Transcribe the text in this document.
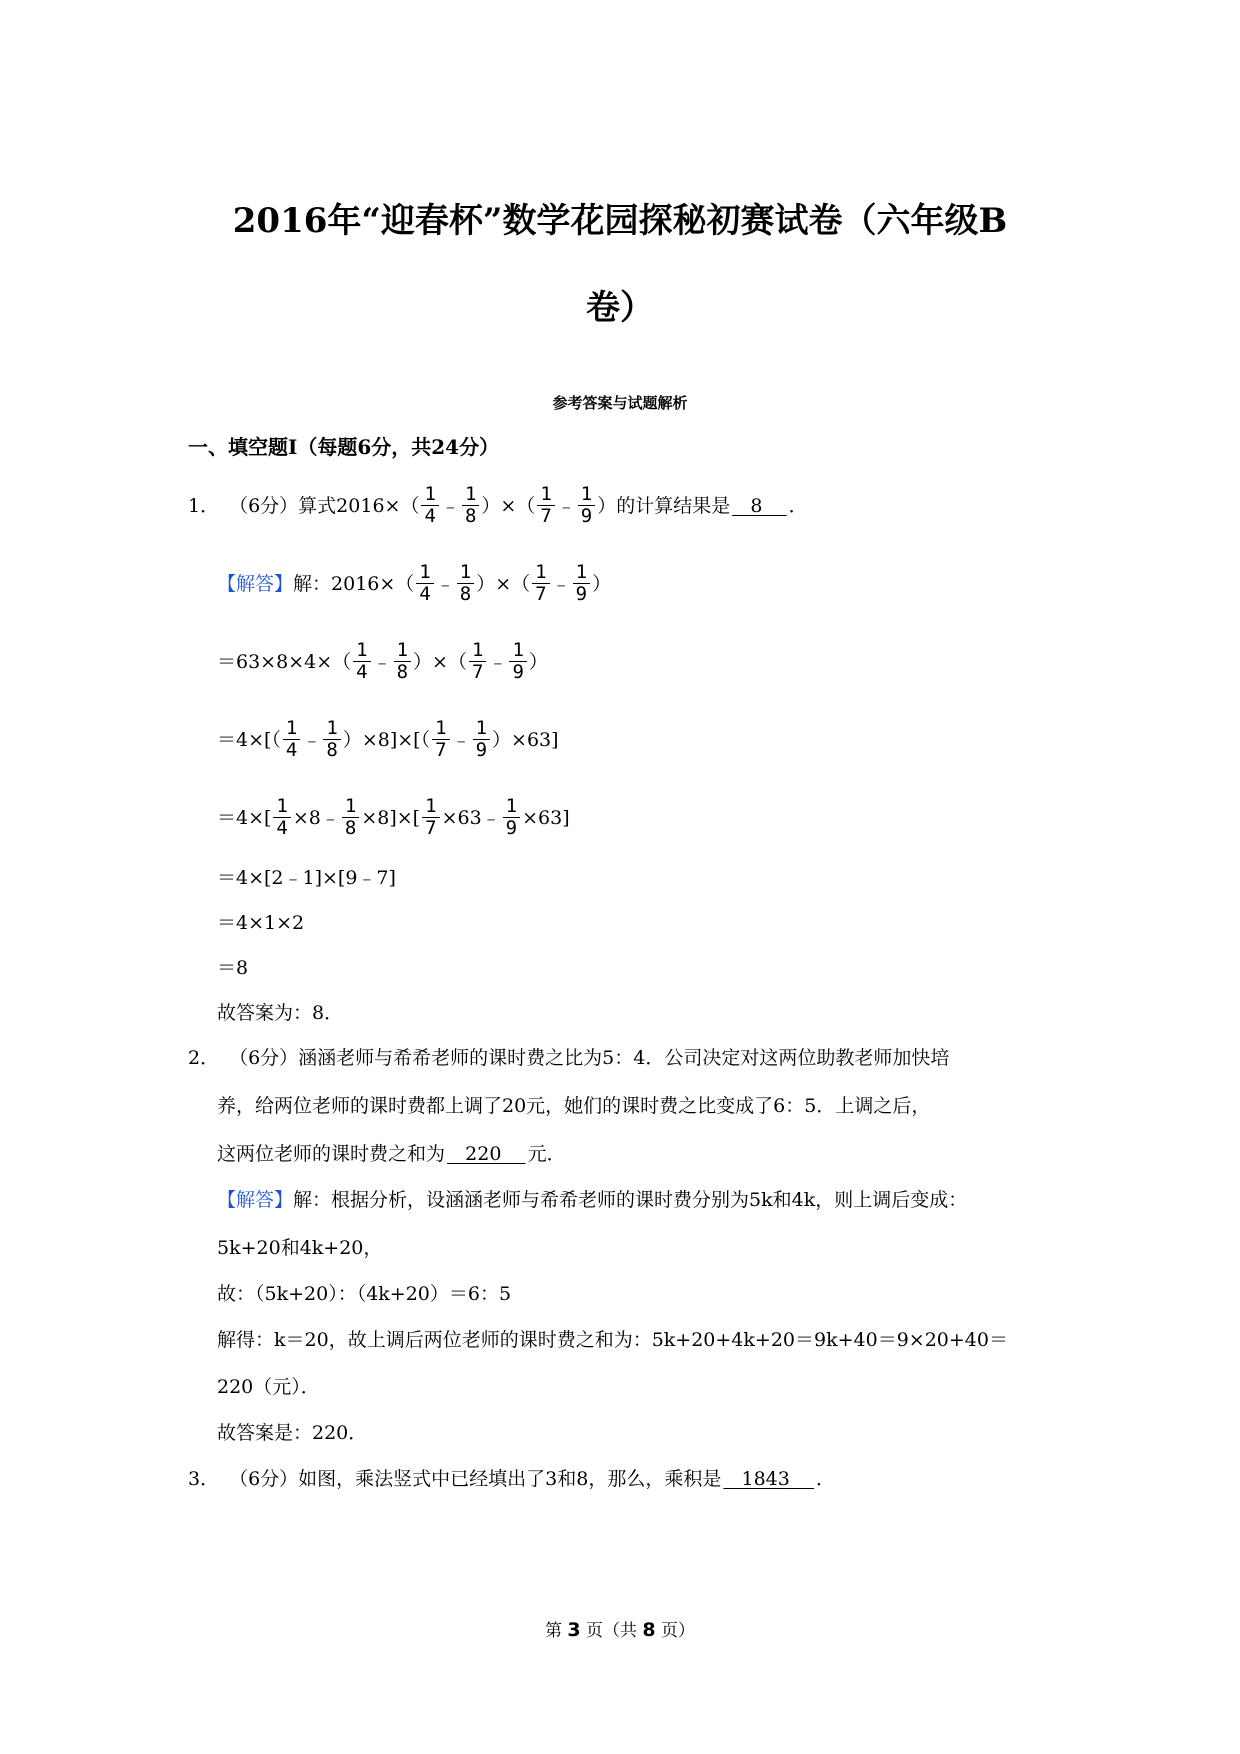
2016年“迎春杯”数学花园探秘初赛试卷（六年级B
卷）
参考答案与试题解析
一、填空题Ⅰ（每题6分，共24分）
1． （6分）算式$2016\times( \frac{1}{4}$ ﹣ $\frac{1}{8}$ ）×（ $\frac{1}{7}$ ﹣ $\frac{1}{9}$ ）的计算结果是	8	．
【解答】 解：$2016\times( \frac{1}{4}$ ﹣ $\frac{1}{8}$ ）×（ $\frac{1}{7}$ ﹣ $\frac{1}{9}$ ）
$=63\times 8\times 4\times( \frac{1}{4}$ ﹣ $\frac{1}{8}$ ）×（ $\frac{1}{7}$ ﹣ $\frac{1}{9}$ ）
$=4\times[( \frac{1}{4}$ ﹣ $\frac{1}{8} )\times 8]\times[( \frac{1}{7}$ ﹣ $\frac{1}{9} )\times 63$]
$=4\times[ \frac{1}{4}$ ×8﹣ $\frac{1}{8} \times 8]\times[ \frac{1}{7}$ ×63﹣ $\frac{1}{9} \times 63$]
＝4×[2﹣1]×[9﹣7]
＝4×1×2
＝8
故答案为：8．
2． （6分）涵涵老师与希希老师的课时费之比为5：4．公司决定对这两位助教老师加快培
养，给两位老师的课时费都上调了20元，她们的课时费之比变成了6：5．上调之后，
这两位老师的课时费之和为	220	元．
【解答】 解：根据分析，设涵涵老师与希希老师的课时费分别为5k和4k，则上调后变成：
5k+20和4k+20，
故：（5k+20）：（4k+20）＝6：5
解得：k＝20，故上调后两位老师的课时费之和为：5k+20+4k+20＝9k+40＝9×20+40＝
220（元）．
故答案是：220．
3． （6分）如图，乘法竖式中已经填出了3和8，那么，乘积是	1843	．
第 3 页（共 8 页）
